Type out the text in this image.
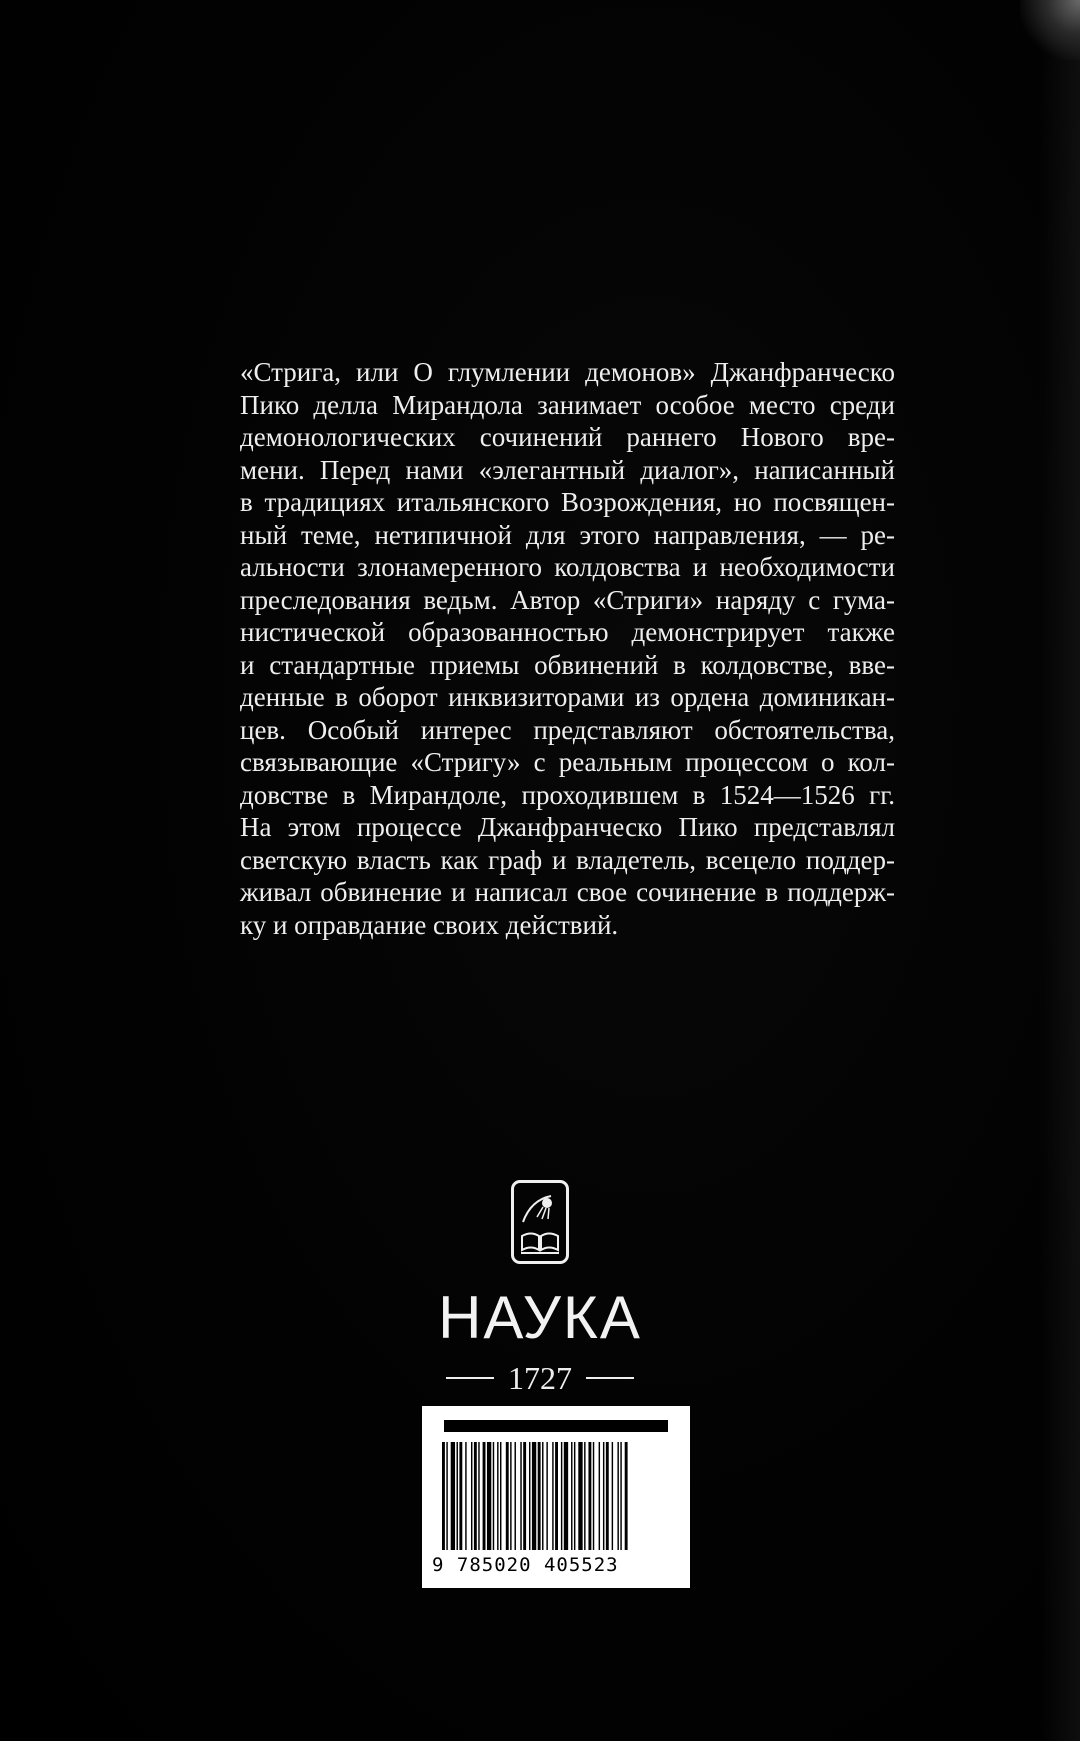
«Стрига, или О глумлении демонов» Джанфранческо
Пико делла Мирандола занимает особое место среди
демонологических сочинений раннего Нового вре-
мени. Перед нами «элегантный диалог», написанный
в традициях итальянского Возрождения, но посвящен-
ный теме, нетипичной для этого направления, — ре-
альности злонамеренного колдовства и необходимости
преследования ведьм. Автор «Стриги» наряду с гума-
нистической образованностью демонстрирует также
и стандартные приемы обвинений в колдовстве, вве-
денные в оборот инквизиторами из ордена доминикан-
цев. Особый интерес представляют обстоятельства,
связывающие «Стригу» с реальным процессом о кол-
довстве в Мирандоле, проходившем в 1524—1526 гг.
На этом процессе Джанфранческо Пико представлял
светскую власть как граф и владетель, всецело поддер-
живал обвинение и написал свое сочинение в поддерж-
ку и оправдание своих действий.
НАУКА
1727
9 785020 405523
